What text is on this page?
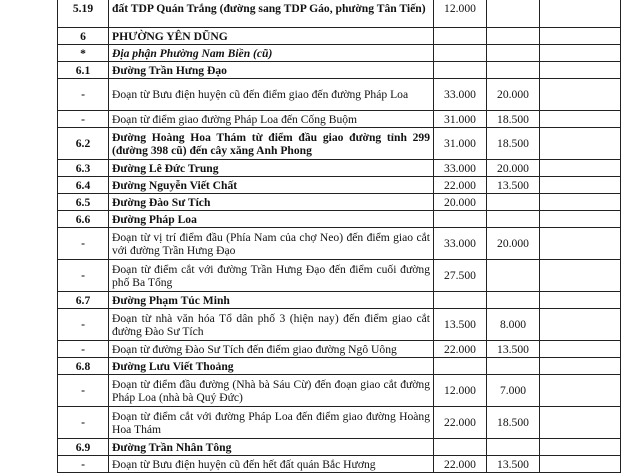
5.19	đất TDP Quán Trắng (đường sang TDP Gáo, phường Tân Tiến)	12.000		
6	PHƯỜNG YÊN DŨNG			
*	Địa phận Phường Nam Biền (cũ)			
6.1	Đường Trần Hưng Đạo			
-	Đoạn từ Bưu điện huyện cũ đến điểm giao đến đường Pháp Loa	33.000	20.000	
-	Đoạn từ điểm giao đường Pháp Loa đến Cống Buộm	31.000	18.500	
6.2	Đường Hoàng Hoa Thám từ điểm đầu giao đường tỉnh 299 (đường 398 cũ) đến cây xăng Anh Phong	31.000	18.500	
6.3	Đường Lê Đức Trung	33.000	20.000	
6.4	Đường Nguyễn Viết Chất	22.000	13.500	
6.5	Đường Đào Sư Tích	20.000		
6.6	Đường Pháp Loa			
-	Đoạn từ vị trí điểm đầu (Phía Nam của chợ Neo) đến điểm giao cắt với đường Trần Hưng Đạo	33.000	20.000	
-	Đoạn từ điểm cắt với đường Trần Hưng Đạo đến điểm cuối đường phố Ba Tổng	27.500		
6.7	Đường Phạm Túc Minh			
-	Đoạn từ nhà văn hóa Tổ dân phố 3 (hiện nay) đến điểm giao cắt đường Đào Sư Tích	13.500	8.000	
-	Đoạn từ đường Đào Sư Tích đến điểm giao đường Ngô Uông	22.000	13.500	
6.8	Đường Lưu Viết Thoảng			
-	Đoạn từ điểm đầu đường (Nhà bà Sáu Cừ) đến đoạn giao cắt đường Pháp Loa (nhà bà Quý Đức)	12.000	7.000	
-	Đoạn từ điểm cắt với đường Pháp Loa đến điểm giao đường Hoàng Hoa Thám	22.000	18.500	
6.9	Đường Trần Nhân Tông			
-	Đoạn từ Bưu điện huyện cũ đến hết đất quán Bắc Hương	22.000	13.500	
